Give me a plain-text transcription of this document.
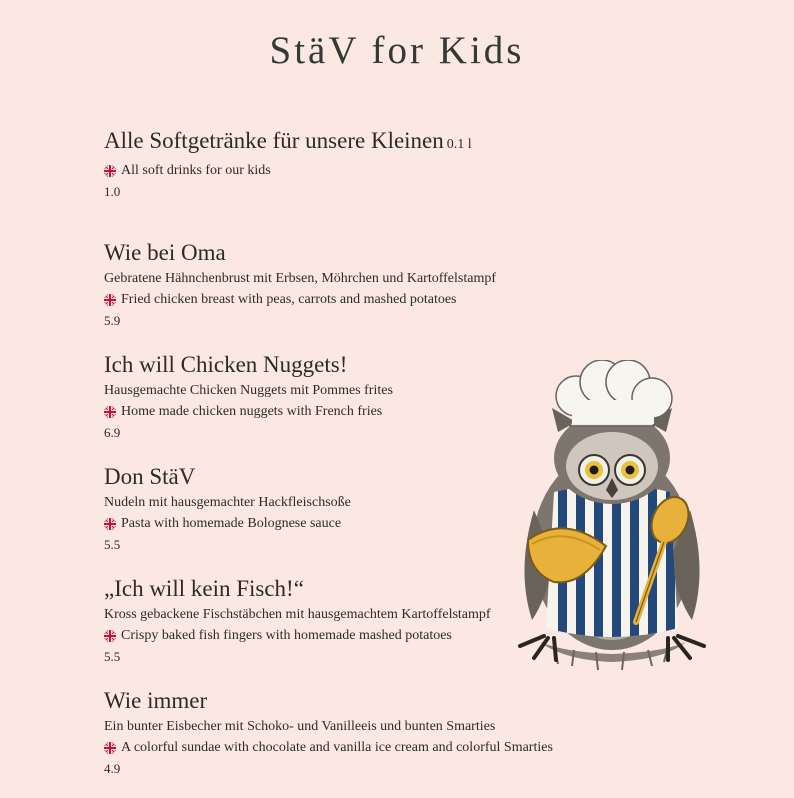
StäV for Kids
Alle Softgetränke für unsere Kleinen 0.1 l
All soft drinks for our kids
1.0
Wie bei Oma
Gebratene Hähnchenbrust mit Erbsen, Möhrchen und Kartoffelstampf
Fried chicken breast with peas, carrots and mashed potatoes
5.9
Ich will Chicken Nuggets!
Hausgemachte Chicken Nuggets mit Pommes frites
Home made chicken nuggets with French fries
6.9
Don StäV
Nudeln mit hausgemachter Hackfleischsoße
Pasta with homemade Bolognese sauce
5.5
„Ich will kein Fisch!“
Kross gebackene Fischstäbchen mit hausgemachtem Kartoffelstampf
Crispy baked fish fingers with homemade mashed potatoes
5.5
Wie immer
Ein bunter Eisbecher mit Schoko- und Vanilleeis und bunten Smarties
A colorful sundae with chocolate and vanilla ice cream and colorful Smarties
4.9
